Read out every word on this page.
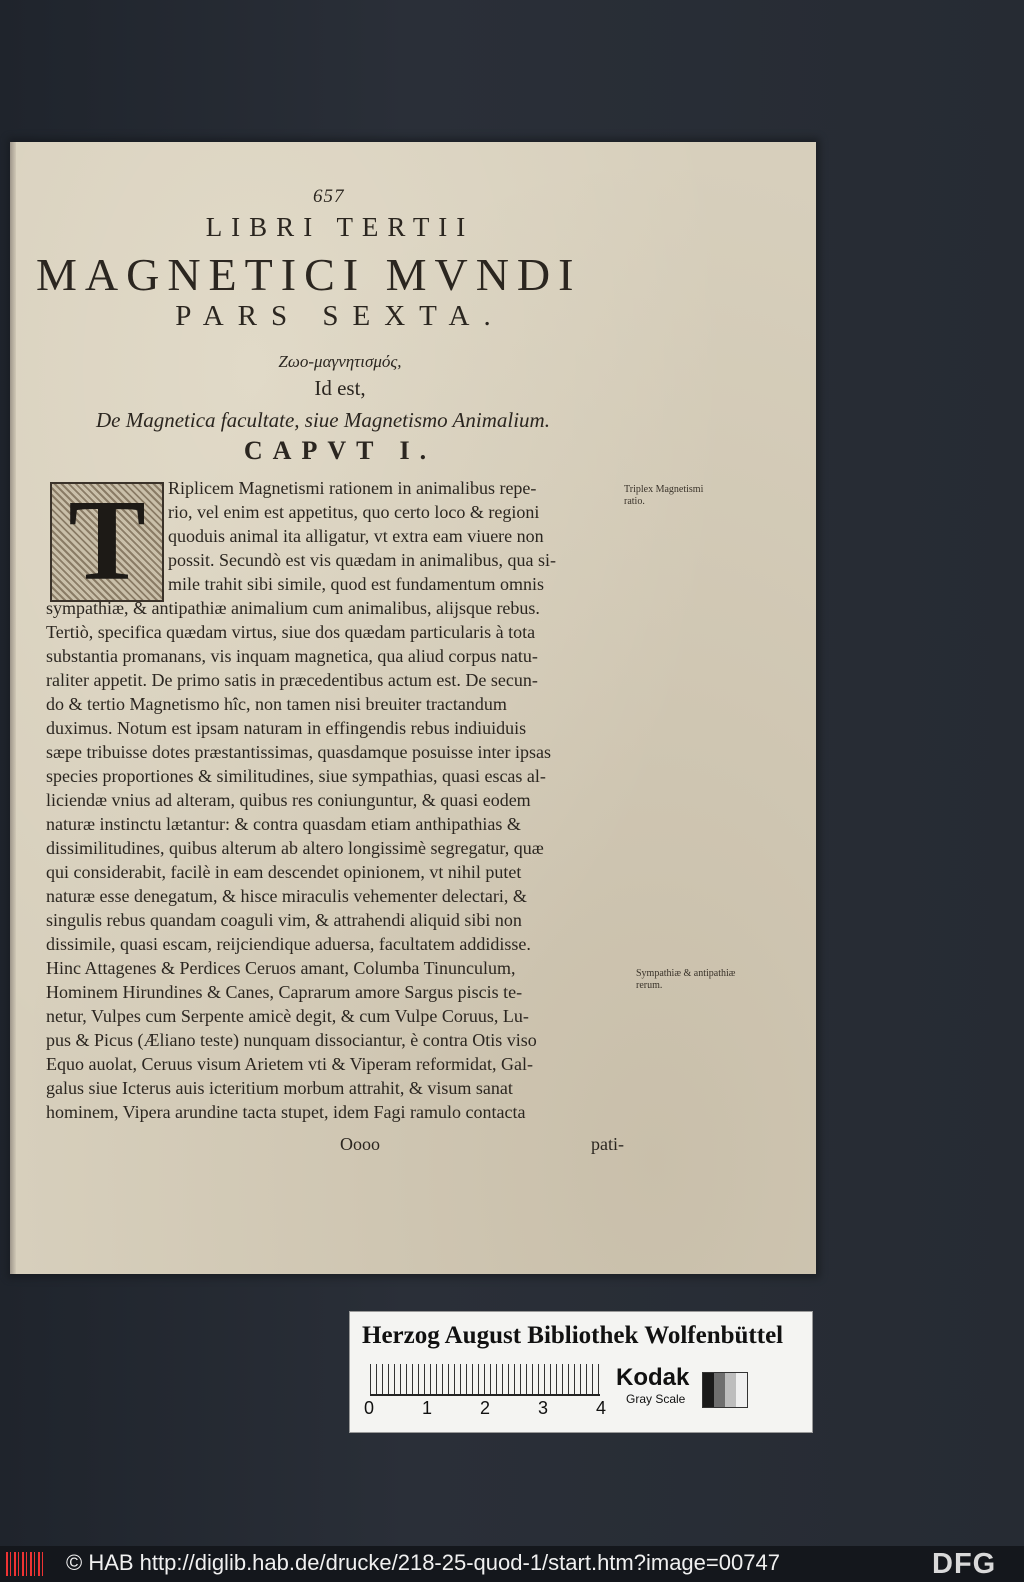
657
LIBRI TERTII
MAGNETICI MVNDI
PARS SEXTA.
Ζωο-μαγνητισμός,
Id est,
De Magnetica facultate, siue Magnetismo Animalium.
CAPVT I.
T	Riplicem Magnetismi rationem in animalibus repe-
rio, vel enim est appetitus, quo certo loco & regioni
quoduis animal ita alligatur, vt extra eam viuere non
possit. Secundò est vis quædam in animalibus, qua si-
mile trahit sibi simile, quod est fundamentum omnis
sympathiæ, & antipathiæ animalium cum animalibus, alijsque rebus.
Tertiò, specifica quædam virtus, siue dos quædam particularis à tota
substantia promanans, vis inquam magnetica, qua aliud corpus natu-
raliter appetit. De primo satis in præcedentibus actum est. De secun-
do & tertio Magnetismo hîc, non tamen nisi breuiter tractandum
duximus. Notum est ipsam naturam in effingendis rebus indiuiduis
sæpe tribuisse dotes præstantissimas, quasdamque posuisse inter ipsas
species proportiones & similitudines, siue sympathias, quasi escas al-
liciendæ vnius ad alteram, quibus res coniunguntur, & quasi eodem
naturæ instinctu lætantur: & contra quasdam etiam anthipathias &
dissimilitudines, quibus alterum ab altero longissimè segregatur, quæ
qui considerabit, facilè in eam descendet opinionem, vt nihil putet
naturæ esse denegatum, & hisce miraculis vehementer delectari, &
singulis rebus quandam coaguli vim, & attrahendi aliquid sibi non
dissimile, quasi escam, reijciendique aduersa, facultatem addidisse.
Hinc Attagenes & Perdices Ceruos amant, Columba Tinunculum,
Hominem Hirundines & Canes, Caprarum amore Sargus piscis te-
netur, Vulpes cum Serpente amicè degit, & cum Vulpe Coruus, Lu-
pus & Picus (Æliano teste) nunquam dissociantur, è contra Otis viso
Equo auolat, Ceruus visum Arietem vti & Viperam reformidat, Gal-
galus siue Icterus auis icteritium morbum attrahit, & visum sanat
hominem, Vipera arundine tacta stupet, idem Fagi ramulo contacta
Triplex Magnetismi ratio.
Sympathiæ & antipathiæ rerum.
Oooo	pati-
Herzog August Bibliothek Wolfenbüttel
0	1	2	3	4
Kodak
Gray Scale
© HAB http://diglib.hab.de/drucke/218-25-quod-1/start.htm?image=00747	DFG
